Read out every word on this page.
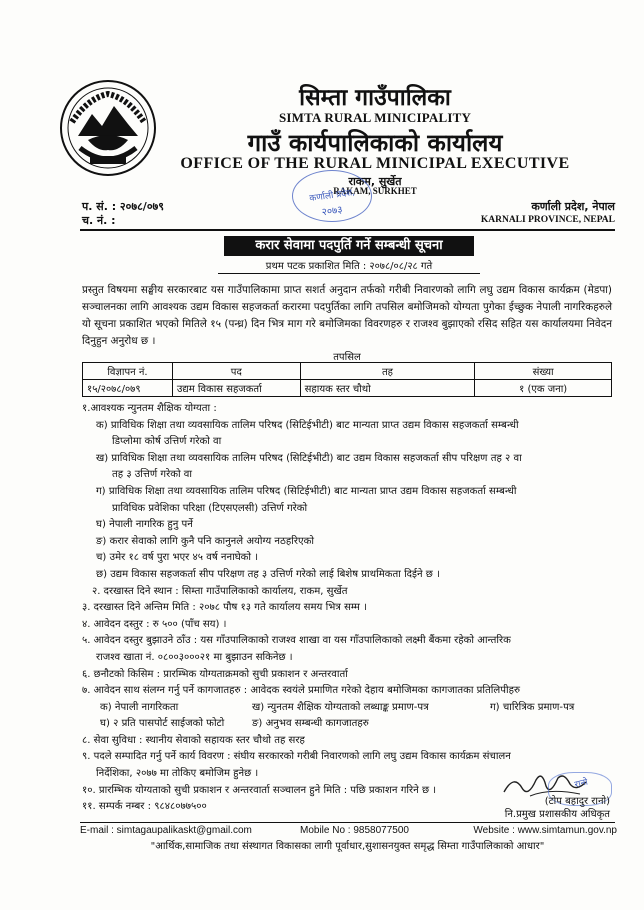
सिम्ता गाउँपालिका
SIMTA RURAL MINICIPALITY
गाउँ कार्यपालिकाको कार्यालय
OFFICE OF THE RURAL MINICIPAL EXECUTIVE
राकम, सुर्खेत
RAKAM, SURKHET
कर्णाली प्रदेश,
२०७३
प. सं. : २०७८/०७९
च. नं. :
कर्णाली प्रदेश, नेपाल
KARNALI PROVINCE, NEPAL
करार सेवामा पदपुर्ति गर्ने सम्बन्धी सूचना
प्रथम पटक प्रकाशित मिति : २०७८/०८/२८ गते
प्रस्तुत विषयमा सङ्घीय सरकारबाट यस गाउँपालिकामा प्राप्त सशर्त अनुदान तर्फको गरीबी निवारणको लागि लघु उद्यम विकास कार्यक्रम (मेडपा) सञ्चालनका लागि आवश्यक उद्यम विकास सहजकर्ता करारमा पदपुर्तिका लागि तपसिल बमोजिमको योग्यता पुगेका ईच्छुक नेपाली नागरिकहरुले यो सूचना प्रकाशित भएको मितिले १५ (पन्ध्र) दिन भित्र माग गरे बमोजिमका विवरणहरु र राजश्व बुझाएको रसिद सहित यस कार्यालयमा निवेदन दिनुहुन अनुरोध छ ।
तपसिल
विज्ञापन नं.	पद	तह	संख्या
१५/२०७८/०७९	उद्यम विकास सहजकर्ता	सहायक स्तर चौथो	१ (एक जना)
१.आवश्यक न्युनतम शैक्षिक योग्यता :
क) प्राविधिक शिक्षा तथा व्यवसायिक तालिम परिषद (सिटिईभीटी) बाट मान्यता प्राप्त उद्यम विकास सहजकर्ता सम्बन्धी
डिप्लोमा कोर्ष उत्तिर्ण गरेको वा
ख) प्राविधिक शिक्षा तथा व्यवसायिक तालिम परिषद (सिटिईभीटी) बाट उद्यम विकास सहजकर्ता सीप परिक्षण तह २ वा
तह ३ उत्तिर्ण गरेको वा
ग) प्राविधिक शिक्षा तथा व्यवसायिक तालिम परिषद (सिटिईभीटी) बाट मान्यता प्राप्त उद्यम विकास सहजकर्ता सम्बन्धी
प्राविधिक प्रवेशिका परिक्षा (टिएसएलसी) उत्तिर्ण गरेको
घ) नेपाली नागरिक हुनु पर्ने
ङ) करार सेवाको लागि कुनै पनि कानुनले अयोग्य नठहरिएको
च) उमेर १८ वर्ष पुरा भएर ४५ वर्ष ननाघेको ।
छ) उद्यम विकास सहजकर्ता सीप परिक्षण तह ३ उत्तिर्ण गरेको लाई बिशेष प्राथमिकता दिईने छ ।
२. दरखास्त दिने स्थान : सिम्ता गाउँपालिकाको कार्यालय, राकम, सुर्खेत
३. दरखास्त दिने अन्तिम मिति : २०७८ पौष १३ गते कार्यालय समय भित्र सम्म ।
४. आवेदन दस्तुर : रु ५०० (पाँच सय) ।
५. आवेदन दस्तुर बुझाउने ठाँउ : यस गाँउपालिकाको राजश्व शाखा वा यस गाँउपालिकाको लक्ष्मी बैंकमा रहेको आन्तरिक
राजश्व खाता नं. ०८००३०००२१ मा बुझाउन सकिनेछ ।
६. छनौटको किसिम : प्रारम्भिक योग्यताक्रमको सुची प्रकाशन र अन्तरवार्ता
७. आवेदन साथ संलग्न गर्नु पर्ने कागजातहरु : आवेदक स्वयंले प्रमाणित गरेको देहाय बमोजिमका कागजातका प्रतिलिपीहरु
क) नेपाली नागरिकता	ख) न्युनतम शैक्षिक योग्यताको लब्धाङ्क प्रमाण-पत्र	ग) चारित्रिक प्रमाण-पत्र
घ) २ प्रति पासपोर्ट साईजको फोटो	ङ) अनुभव सम्बन्धी कागजातहरु
८. सेवा सुविधा : स्थानीय सेवाको सहायक स्तर चौथो तह सरह
९. पदले सम्पादित गर्नु पर्ने कार्य विवरण : संघीय सरकारको गरीबी निवारणको लागि लघु उद्यम विकास कार्यक्रम संचालन
निर्देशिका, २०७७ मा तोकिए बमोजिम हुनेछ ।
१०. प्रारम्भिक योग्यताको सुची प्रकाशन र अन्तरवार्ता सञ्चालन हुने मिति : पछि प्रकाशन गरिने छ ।
११. सम्पर्क नम्बर : ९८४८०७७५००
रानाे
(टोप बहादुर रानाे)
नि.प्रमुख प्रशासकीय अधिकृत
E-mail : simtagaupalikaskt@gmail.com	Mobile No : 9858077500	Website : www.simtamun.gov.np
"आर्थिक,सामाजिक तथा संस्थागत विकासका लागी पूर्वाधार,सुशासनयुक्त समृद्ध सिम्ता गाउँपालिकाको आधार"
